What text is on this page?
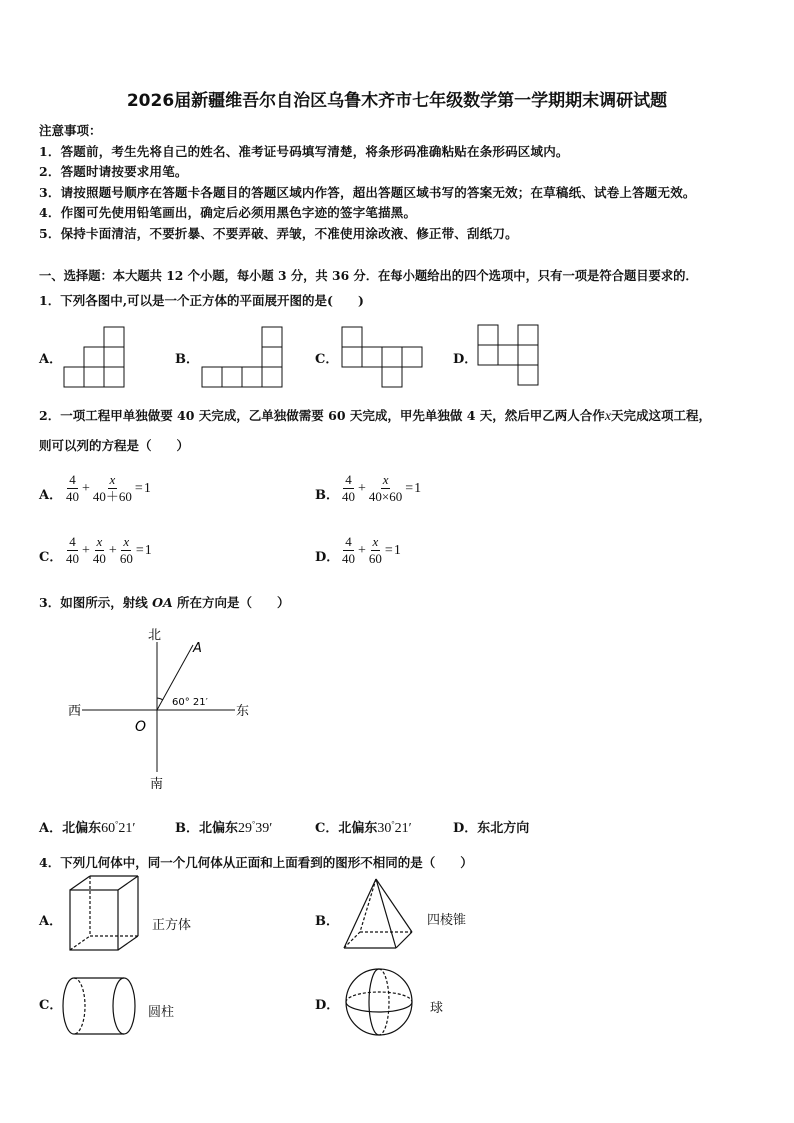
2026届新疆维吾尔自治区乌鲁木齐市七年级数学第一学期期末调研试题
注意事项：
1．答题前，考生先将自己的姓名、准考证号码填写清楚，将条形码准确粘贴在条形码区域内。
2．答题时请按要求用笔。
3．请按照题号顺序在答题卡各题目的答题区域内作答，超出答题区域书写的答案无效；在草稿纸、试卷上答题无效。
4．作图可先使用铅笔画出，确定后必须用黑色字迹的签字笔描黑。
5．保持卡面清洁，不要折暴、不要弄破、弄皱，不准使用涂改液、修正带、刮纸刀。
一、选择题：本大题共 12 个小题，每小题 3 分，共 36 分．在每小题给出的四个选项中，只有一项是符合题目要求的．
1．下列各图中,可以是一个正方体的平面展开图的是(　　)
A．	B．	C．	D．
2．一项工程甲单独做要 40 天完成，乙单独做需要 60 天完成，甲先单独做 4 天，然后甲乙两人合作x天完成这项工程，
则可以列的方程是（　　）
A． $\frac{4}{40} + \frac{x}{40+60} = 1$	B． $\frac{4}{40} + \frac{x}{40\times 60} = 1$
C． $\frac{4}{40} + \frac{x}{40} + \frac{x}{60} = 1$	D． $\frac{4}{40} + \frac{x}{60} = 1$
3．如图所示，射线 OA 所在方向是（　　）
北
南
西	东
A
O
60° 21′
A．北偏东60°21′	B．北偏东29°39′	C．北偏东30°21′	D．东北方向
4．下列几何体中，同一个几何体从正面和上面看到的图形不相同的是（　　）
A．	B．
C．	D．
正方体	四棱锥
圆柱	球
